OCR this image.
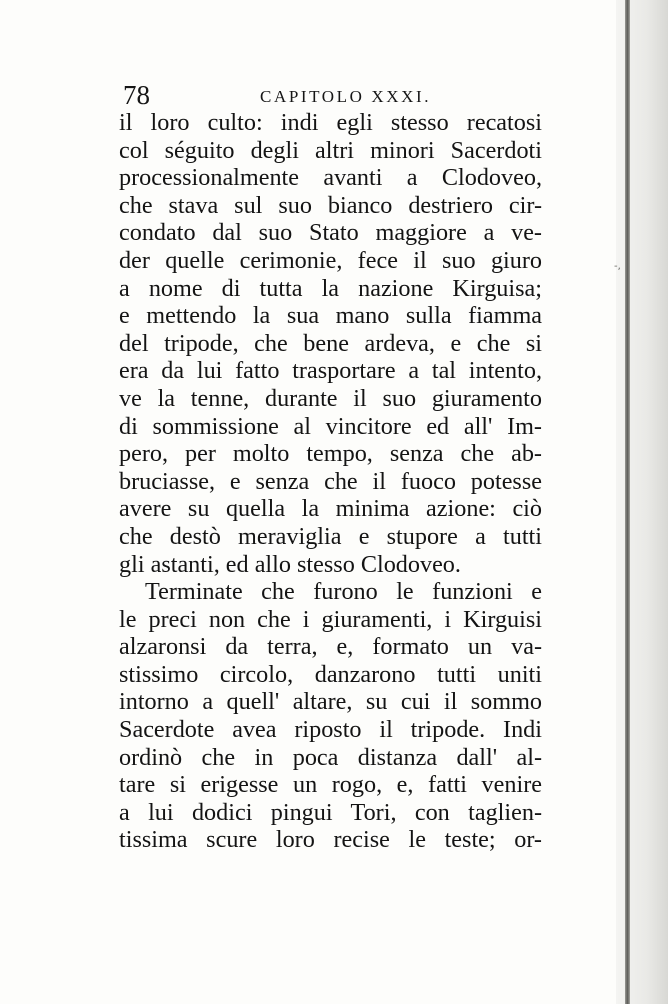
-,
78	CAPITOLO XXXI.
il loro culto: indi egli stesso recatosi
col séguito degli altri minori Sacerdoti
processionalmente avanti a Clodoveo,
che stava sul suo bianco destriero cir-
condato dal suo Stato maggiore a ve-
der quelle cerimonie, fece il suo giuro
a nome di tutta la nazione Kirguisa;
e mettendo la sua mano sulla fiamma
del tripode, che bene ardeva, e che si
era da lui fatto trasportare a tal intento,
ve la tenne, durante il suo giuramento
di sommissione al vincitore ed all' Im-
pero, per molto tempo, senza che ab-
bruciasse, e senza che il fuoco potesse
avere su quella la minima azione: ciò
che destò meraviglia e stupore a tutti
gli astanti, ed allo stesso Clodoveo.
Terminate che furono le funzioni e
le preci non che i giuramenti, i Kirguisi
alzaronsi da terra, e, formato un va-
stissimo circolo, danzarono tutti uniti
intorno a quell' altare, su cui il sommo
Sacerdote avea riposto il tripode. Indi
ordinò che in poca distanza dall' al-
tare si erigesse un rogo, e, fatti venire
a lui dodici pingui Tori, con taglien-
tissima scure loro recise le teste; or-
